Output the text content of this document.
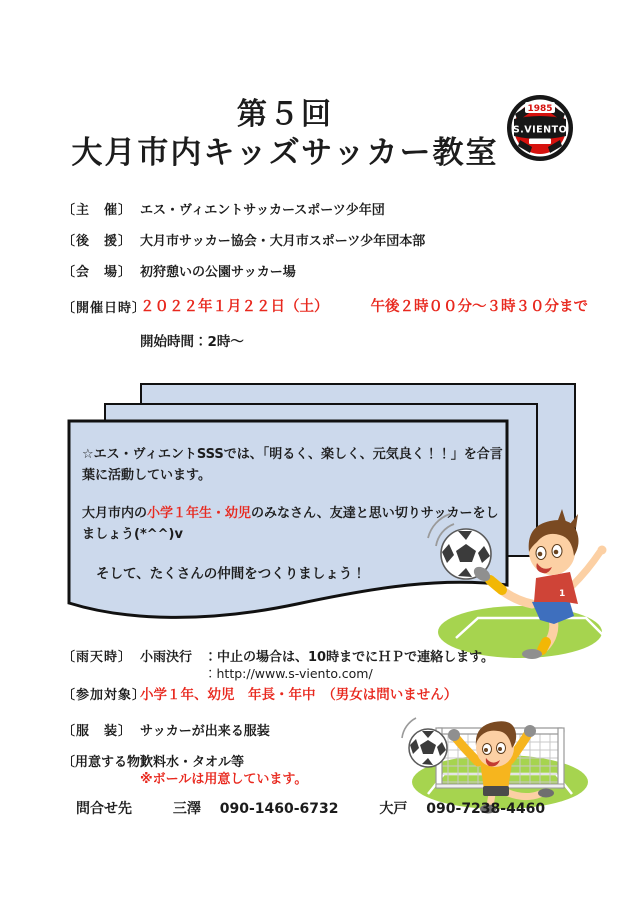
第５回
大月市内キッズサッカー教室
1985
S.VIENTO
〔主　催〕 エス・ヴィエントサッカースポーツ少年団
〔後　援〕 大月市サッカー協会・大月市スポーツ少年団本部
〔会　場〕 初狩憩いの公園サッカー場
〔開催日時〕
２０２２年１月２２日（土）	午後２時００分～３時３０分まで
開始時間：2時～
☆エス・ヴィエントSSSでは、「明るく、楽しく、元気良く！！」を合言葉に活動しています。
大月市内の小学１年生・幼児のみなさん、友達と思い切りサッカーをしましょう(*^^)v
そして、たくさんの仲間をつくりましょう！
1
〔雨天時〕 小雨決行 ：中止の場合は、10時までにＨＰで連絡します。
：http://www.s-viento.com/
〔参加対象〕
小学１年、幼児　年長・年中　（男女は問いません）
〔服　装〕 サッカーが出来る服装
〔用意する物〕
飲料水・タオル等
※ボールは用意しています。
問合せ先	三澤 090-1460-6732	大戸 090-7238-4460
